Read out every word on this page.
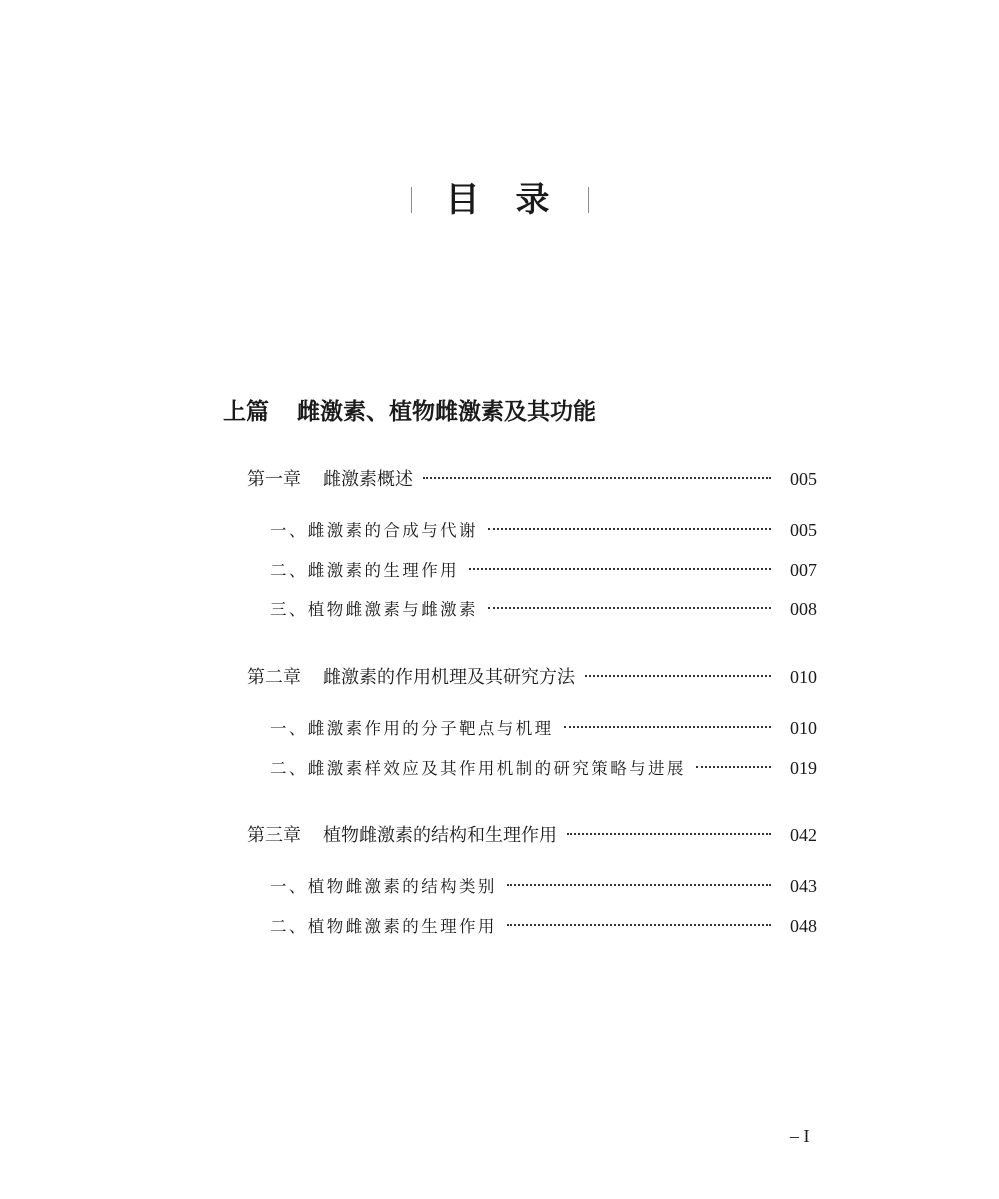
目录
上篇 雌激素、植物雌激素及其功能
第一章 雌激素概述	005
一、雌激素的合成与代谢	005
二、雌激素的生理作用	007
三、植物雌激素与雌激素	008
第二章 雌激素的作用机理及其研究方法	010
一、雌激素作用的分子靶点与机理	010
二、雌激素样效应及其作用机制的研究策略与进展	019
第三章 植物雌激素的结构和生理作用	042
一、植物雌激素的结构类别	043
二、植物雌激素的生理作用	048
– I
